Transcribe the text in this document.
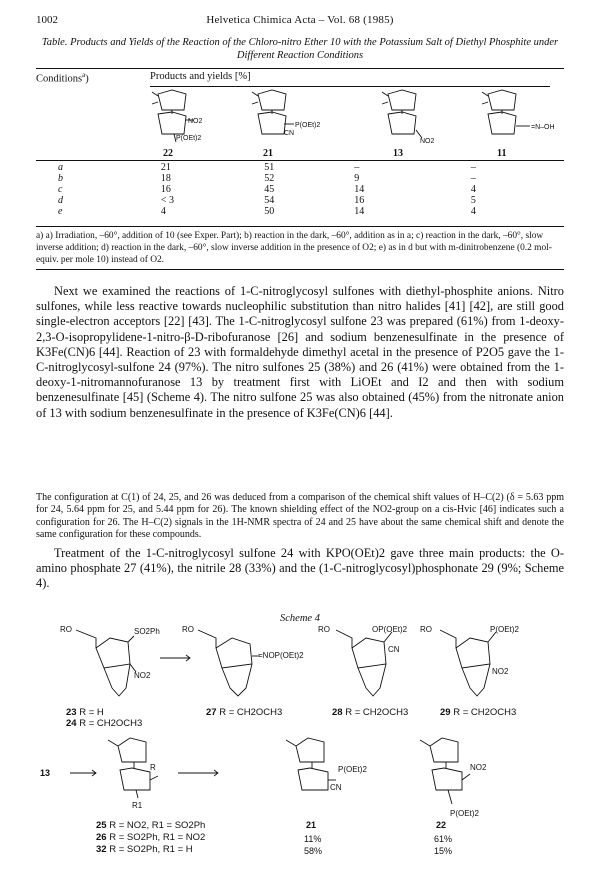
1002	Helvetica Chimica Acta – Vol. 68 (1985)
Table. Products and Yields of the Reaction of the Chloro-nitro Ether 10 with the Potassium Salt of Diethyl Phosphite under Different Reaction Conditions
Conditions$^a$)	Products and yields [%]
NO2
P(OEt)2
P(OEt)2
CN
NO2
=N–OH
22	21	13	11
a	21	51	–	–
b	18	52	9	–
c	16	45	14	4
d	< 3	54	16	5
e	4	50	14	4
a) a) Irradiation, –60°, addition of 10 (see Exper. Part); b) reaction in the dark, –60°, addition as in a; c) reaction in the dark, –60°, slow inverse addition; d) reaction in the dark, –60°, slow inverse addition in the presence of O2; e) as in d but with m-dinitrobenzene (0.2 mol-equiv. per mole 10) instead of O2.
Next we examined the reactions of 1-C-nitroglycosyl sulfones with diethyl-phosphite anions. Nitro sulfones, while less reactive towards nucleophilic substitution than nitro halides [41] [42], are still good single-electron acceptors [22] [43]. The 1-C-nitroglycosyl sulfone 23 was prepared (61%) from 1-deoxy-2,3-O-isopropylidene-1-nitro-β-D-ribofuranose [26] and sodium benzenesulfinate in the presence of K3Fe(CN)6 [44]. Reaction of 23 with formaldehyde dimethyl acetal in the presence of P2O5 gave the 1-C-nitroglycosyl-sulfone 24 (97%). The nitro sulfones 25 (38%) and 26 (41%) were obtained from the 1-deoxy-1-nitromannofuranose 13 by treatment first with LiOEt and I2 and then with sodium benzenesulfinate [45] (Scheme 4). The nitro sulfone 25 was also obtained (45%) from the nitronate anion of 13 with sodium benzenesulfinate in the presence of K3Fe(CN)6 [44].
The configuration at C(1) of 24, 25, and 26 was deduced from a comparison of the chemical shift values of H–C(2) (δ = 5.63 ppm for 24, 5.64 ppm for 25, and 5.44 ppm for 26). The known shielding effect of the NO2-group on a cis-Hvic [46] indicates such a configuration for 26. The H–C(2) signals in the 1H-NMR spectra of 24 and 25 have about the same chemical shift and denote the same configuration for these compounds.
Treatment of the 1-C-nitroglycosyl sulfone 24 with KPO(OEt)2 gave three main products: the O-amino phosphate 27 (41%), the nitrile 28 (33%) and the (1-C-nitroglycosyl)phosphonate 29 (9%; Scheme 4).
Scheme 4
RO	SO2Ph
NO2
RO
=NOP(OEt)2
RO	OP(OEt)2
CN
RO	P(OEt)2
NO2
R
R1
P(OEt)2
CN
NO2
P(OEt)2
13
23 R = H
24 R = CH2OCH3
27 R = CH2OCH3	28 R = CH2OCH3	29 R = CH2OCH3
25 R = NO2, R1 = SO2Ph
26 R = SO2Ph, R1 = NO2
32 R = SO2Ph, R1 = H
21
11%
58%
22
61%
15%
